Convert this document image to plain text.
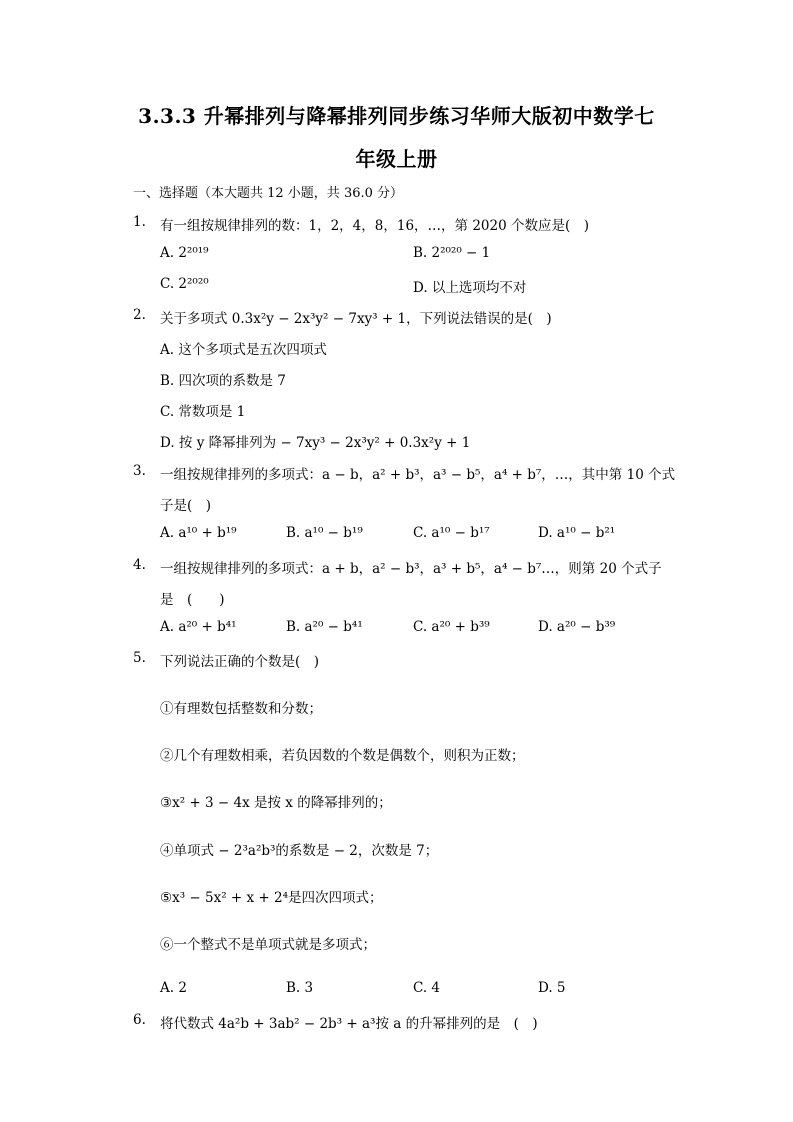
3.3.3 升幂排列与降幂排列同步练习华师大版初中数学七
年级上册
一、选择题（本大题共 12 小题，共 36.0 分）
1. 有一组按规律排列的数：1，2，4，8，16，…，第 2020 个数应是(　)
A. 2²⁰¹⁹	B. 2²⁰²⁰ − 1
C. 2²⁰²⁰	D. 以上选项均不对
2. 关于多项式 0.3x²y − 2x³y² − 7xy³ + 1，下列说法错误的是(　)
A. 这个多项式是五次四项式
B. 四次项的系数是 7
C. 常数项是 1
D. 按 y 降幂排列为 − 7xy³ − 2x³y² + 0.3x²y + 1
3. 一组按规律排列的多项式：a − b，a² + b³，a³ − b⁵，a⁴ + b⁷，…，其中第 10 个式
子是(　)
A. a¹⁰ + b¹⁹	B. a¹⁰ − b¹⁹	C. a¹⁰ − b¹⁷	D. a¹⁰ − b²¹
4. 一组按规律排列的多项式：a + b，a² − b³，a³ + b⁵，a⁴ − b⁷…，则第 20 个式子
是　(　　)
A. a²⁰ + b⁴¹	B. a²⁰ − b⁴¹	C. a²⁰ + b³⁹	D. a²⁰ − b³⁹
5. 下列说法正确的个数是(　)
①有理数包括整数和分数；
②几个有理数相乘，若负因数的个数是偶数个，则积为正数；
③x² + 3 − 4x 是按 x 的降幂排列的；
④单项式 − 2³a²b³的系数是 − 2，次数是 7；
⑤x³ − 5x² + x + 2⁴是四次四项式；
⑥一个整式不是单项式就是多项式；
A. 2	B. 3	C. 4	D. 5
6. 将代数式 4a²b + 3ab² − 2b³ + a³按 a 的升幂排列的是　(　)
